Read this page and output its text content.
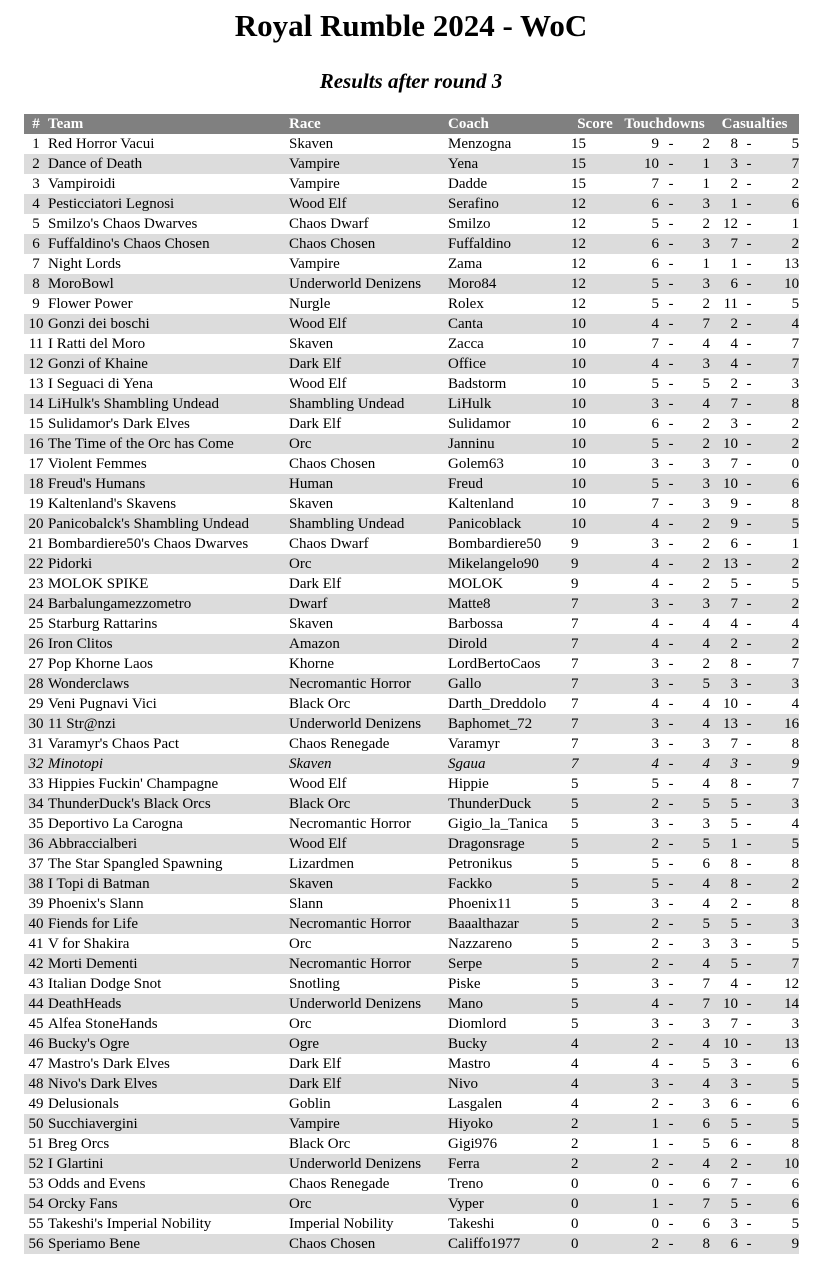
Royal Rumble 2024 - WoC
Results after round 3
#	Team	Race	Coach	Score	Touchdowns			Casualties		
1	Red Horror Vacui	Skaven	Menzogna	15	9	-	2	8	-	5
2	Dance of Death	Vampire	Yena	15	10	-	1	3	-	7
3	Vampiroidi	Vampire	Dadde	15	7	-	1	2	-	2
4	Pesticciatori Legnosi	Wood Elf	Serafino	12	6	-	3	1	-	6
5	Smilzo's Chaos Dwarves	Chaos Dwarf	Smilzo	12	5	-	2	12	-	1
6	Fuffaldino's Chaos Chosen	Chaos Chosen	Fuffaldino	12	6	-	3	7	-	2
7	Night Lords	Vampire	Zama	12	6	-	1	1	-	13
8	MoroBowl	Underworld Denizens	Moro84	12	5	-	3	6	-	10
9	Flower Power	Nurgle	Rolex	12	5	-	2	11	-	5
10	Gonzi dei boschi	Wood Elf	Canta	10	4	-	7	2	-	4
11	I Ratti del Moro	Skaven	Zacca	10	7	-	4	4	-	7
12	Gonzi of Khaine	Dark Elf	Office	10	4	-	3	4	-	7
13	I Seguaci di Yena	Wood Elf	Badstorm	10	5	-	5	2	-	3
14	LiHulk's Shambling Undead	Shambling Undead	LiHulk	10	3	-	4	7	-	8
15	Sulidamor's Dark Elves	Dark Elf	Sulidamor	10	6	-	2	3	-	2
16	The Time of the Orc has Come	Orc	Janninu	10	5	-	2	10	-	2
17	Violent Femmes	Chaos Chosen	Golem63	10	3	-	3	7	-	0
18	Freud's Humans	Human	Freud	10	5	-	3	10	-	6
19	Kaltenland's Skavens	Skaven	Kaltenland	10	7	-	3	9	-	8
20	Panicobalck's Shambling Undead	Shambling Undead	Panicoblack	10	4	-	2	9	-	5
21	Bombardiere50's Chaos Dwarves	Chaos Dwarf	Bombardiere50	9	3	-	2	6	-	1
22	Pidorki	Orc	Mikelangelo90	9	4	-	2	13	-	2
23	MOLOK SPIKE	Dark Elf	MOLOK	9	4	-	2	5	-	5
24	Barbalungamezzometro	Dwarf	Matte8	7	3	-	3	7	-	2
25	Starburg Rattarins	Skaven	Barbossa	7	4	-	4	4	-	4
26	Iron Clitos	Amazon	Dirold	7	4	-	4	2	-	2
27	Pop Khorne Laos	Khorne	LordBertoCaos	7	3	-	2	8	-	7
28	Wonderclaws	Necromantic Horror	Gallo	7	3	-	5	3	-	3
29	Veni Pugnavi Vici	Black Orc	Darth_Dreddolo	7	4	-	4	10	-	4
30	11 Str@nzi	Underworld Denizens	Baphomet_72	7	3	-	4	13	-	16
31	Varamyr's Chaos Pact	Chaos Renegade	Varamyr	7	3	-	3	7	-	8
32	Minotopi	Skaven	Sgaua	7	4	-	4	3	-	9
33	Hippies Fuckin' Champagne	Wood Elf	Hippie	5	5	-	4	8	-	7
34	ThunderDuck's Black Orcs	Black Orc	ThunderDuck	5	2	-	5	5	-	3
35	Deportivo La Carogna	Necromantic Horror	Gigio_la_Tanica	5	3	-	3	5	-	4
36	Abbraccialberi	Wood Elf	Dragonsrage	5	2	-	5	1	-	5
37	The Star Spangled Spawning	Lizardmen	Petronikus	5	5	-	6	8	-	8
38	I Topi di Batman	Skaven	Fackko	5	5	-	4	8	-	2
39	Phoenix's Slann	Slann	Phoenix11	5	3	-	4	2	-	8
40	Fiends for Life	Necromantic Horror	Baaalthazar	5	2	-	5	5	-	3
41	V for Shakira	Orc	Nazzareno	5	2	-	3	3	-	5
42	Morti Dementi	Necromantic Horror	Serpe	5	2	-	4	5	-	7
43	Italian Dodge Snot	Snotling	Piske	5	3	-	7	4	-	12
44	DeathHeads	Underworld Denizens	Mano	5	4	-	7	10	-	14
45	Alfea StoneHands	Orc	Diomlord	5	3	-	3	7	-	3
46	Bucky's Ogre	Ogre	Bucky	4	2	-	4	10	-	13
47	Mastro's Dark Elves	Dark Elf	Mastro	4	4	-	5	3	-	6
48	Nivo's Dark Elves	Dark Elf	Nivo	4	3	-	4	3	-	5
49	Delusionals	Goblin	Lasgalen	4	2	-	3	6	-	6
50	Succhiavergini	Vampire	Hiyoko	2	1	-	6	5	-	5
51	Breg Orcs	Black Orc	Gigi976	2	1	-	5	6	-	8
52	I Glartini	Underworld Denizens	Ferra	2	2	-	4	2	-	10
53	Odds and Evens	Chaos Renegade	Treno	0	0	-	6	7	-	6
54	Orcky Fans	Orc	Vyper	0	1	-	7	5	-	6
55	Takeshi's Imperial Nobility	Imperial Nobility	Takeshi	0	0	-	6	3	-	5
56	Speriamo Bene	Chaos Chosen	Califfo1977	0	2	-	8	6	-	9
